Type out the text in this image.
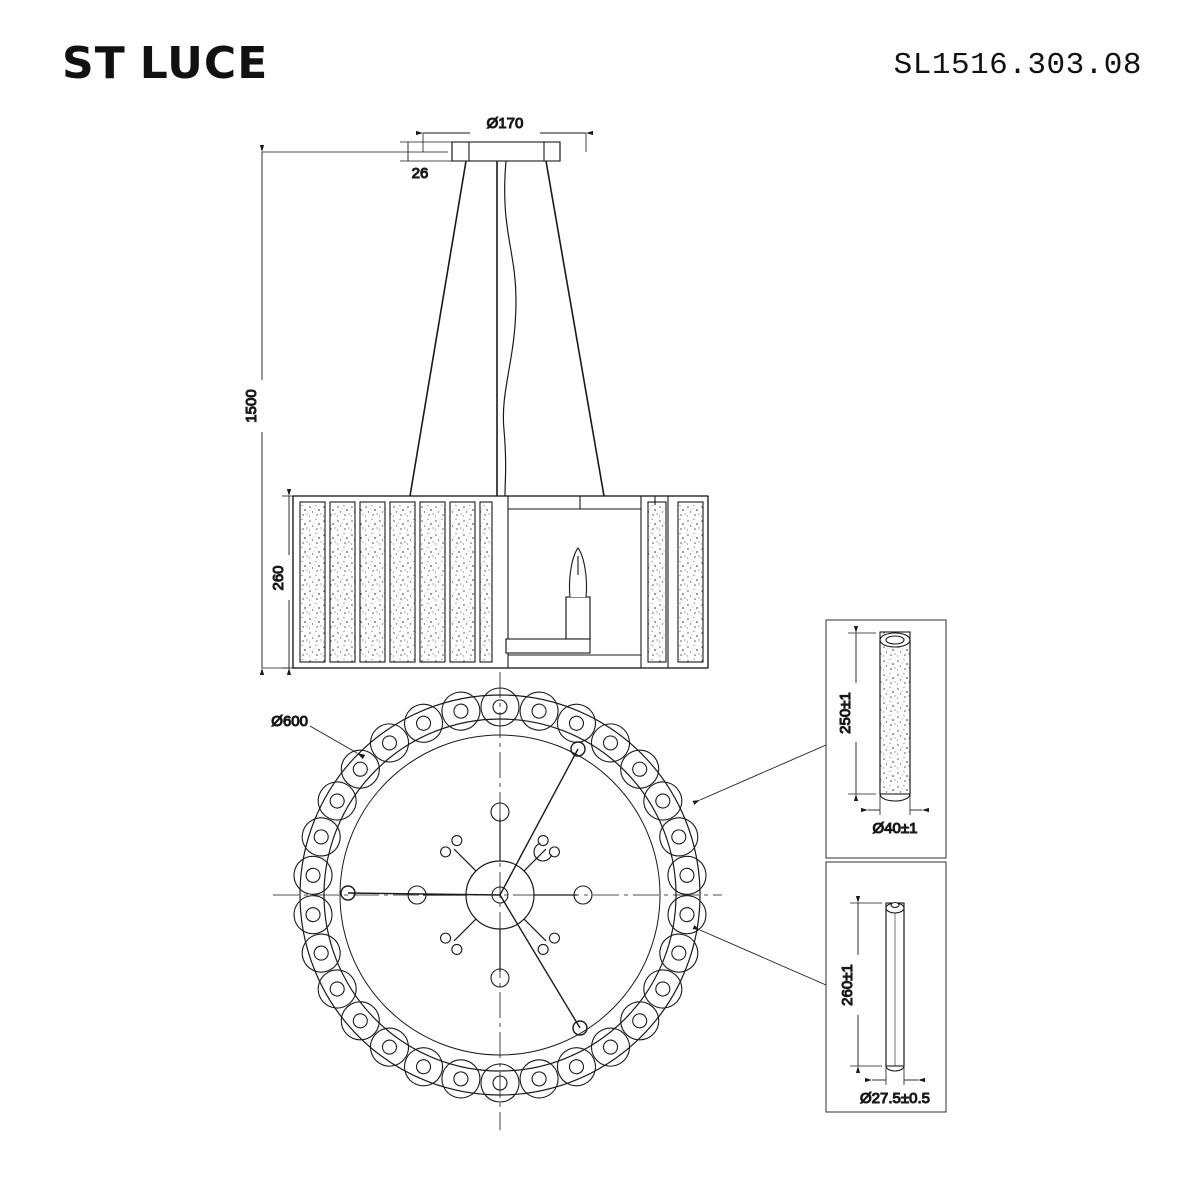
ST LUCE	SL1516.303.08
Ø170
26
1500
260
Ø600	250±1
Ø40±1
260±1
Ø27.5±0.5
